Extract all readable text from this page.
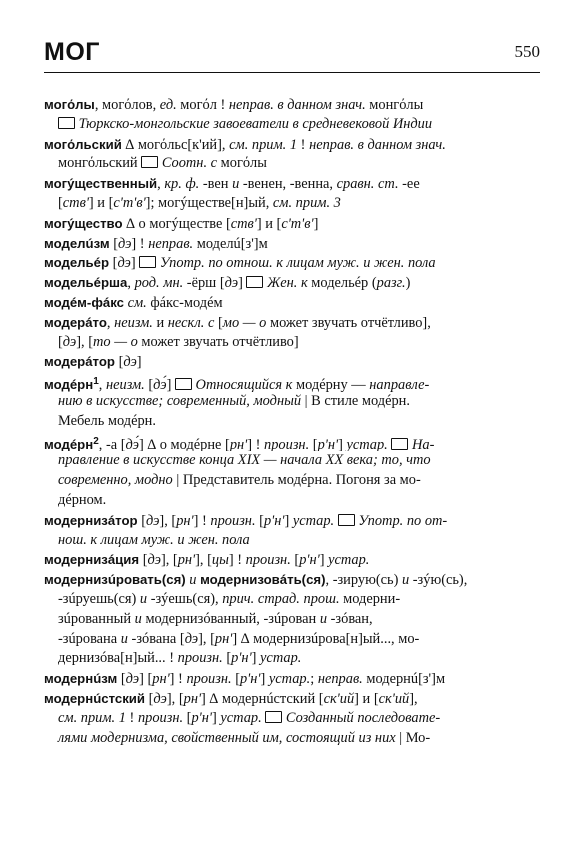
МОГ	550
могόлы, могόлов, ед. могόл ! неправ. в данном знач. монгόлы
Тюркско-монгольские завоеватели в средневековой Индии
могόльский ∆ могόльс[к'ий], см. прим. 1 ! неправ. в данном знач.
монгόльский  Соотн. с могόлы
могýщественный, кр. ф. -вен и -венен, -венна, сравн. ст. -ее
[ств'] и [с'т'в']; могýществе[н]ый, см. прим. 3
могýщество ∆ о могýществе [ств'] и [с'т'в']
моделúзм [дэ] ! неправ. моделú[з']м
модельéр [дэ]  Употр. по отнош. к лицам муж. и жен. пола
модельéрша, род. мн. -ёрш [дэ]  Жен. к модельéр (разг.)
модéм-фáкс см. фáкс-модéм
модерáто, неизм. и нескл. с [мо — о может звучать отчётливо],
[дэ], [то — о может звучать отчётливо]
модерáтор [дэ]
модéрн$^1$, неизм. [дэ́]  Относящийся к модéрну — направле-
нию в искусстве; современный, модный | В стиле модéрн.
Мебель модéрн.
модéрн$^2$, -а [дэ́] ∆ о модéрне [рн'] ! произн. [р'н'] устар.  На-
правление в искусстве конца XIX — начала XX века; то, что
современно, модно | Представитель модéрна. Погоня за мо-
дéрном.
модернизáтор [дэ], [рн'] ! произн. [р'н'] устар.  Употр. по от-
нош. к лицам муж. и жен. пола
модернизáция [дэ], [рн'], [цы] ! произн. [р'н'] устар.
модернизúровать(ся) и модернизовáть(ся), -зирую(сь) и -зýю(сь),
-зúруешь(ся) и -зýешь(ся), прич. страд. прош. модерни-
зúрованный и модернизóванный, -зúрован и -зóван,
-зúрована и -зóвана [дэ], [рн'] ∆ модернизúрова[н]ый..., мо-
дернизóва[н]ый... ! произн. [р'н'] устар.
модернúзм [дэ] [рн'] ! произн. [р'н'] устар.; неправ. модернú[з']м
модернúстский [дэ], [рн'] ∆ модернúстский [ск'ий] и [ск'ий],
см. прим. 1 ! произн. [р'н'] устар.  Созданный последовате-
лями модернизма, свойственный им, состоящий из них | Мо-
